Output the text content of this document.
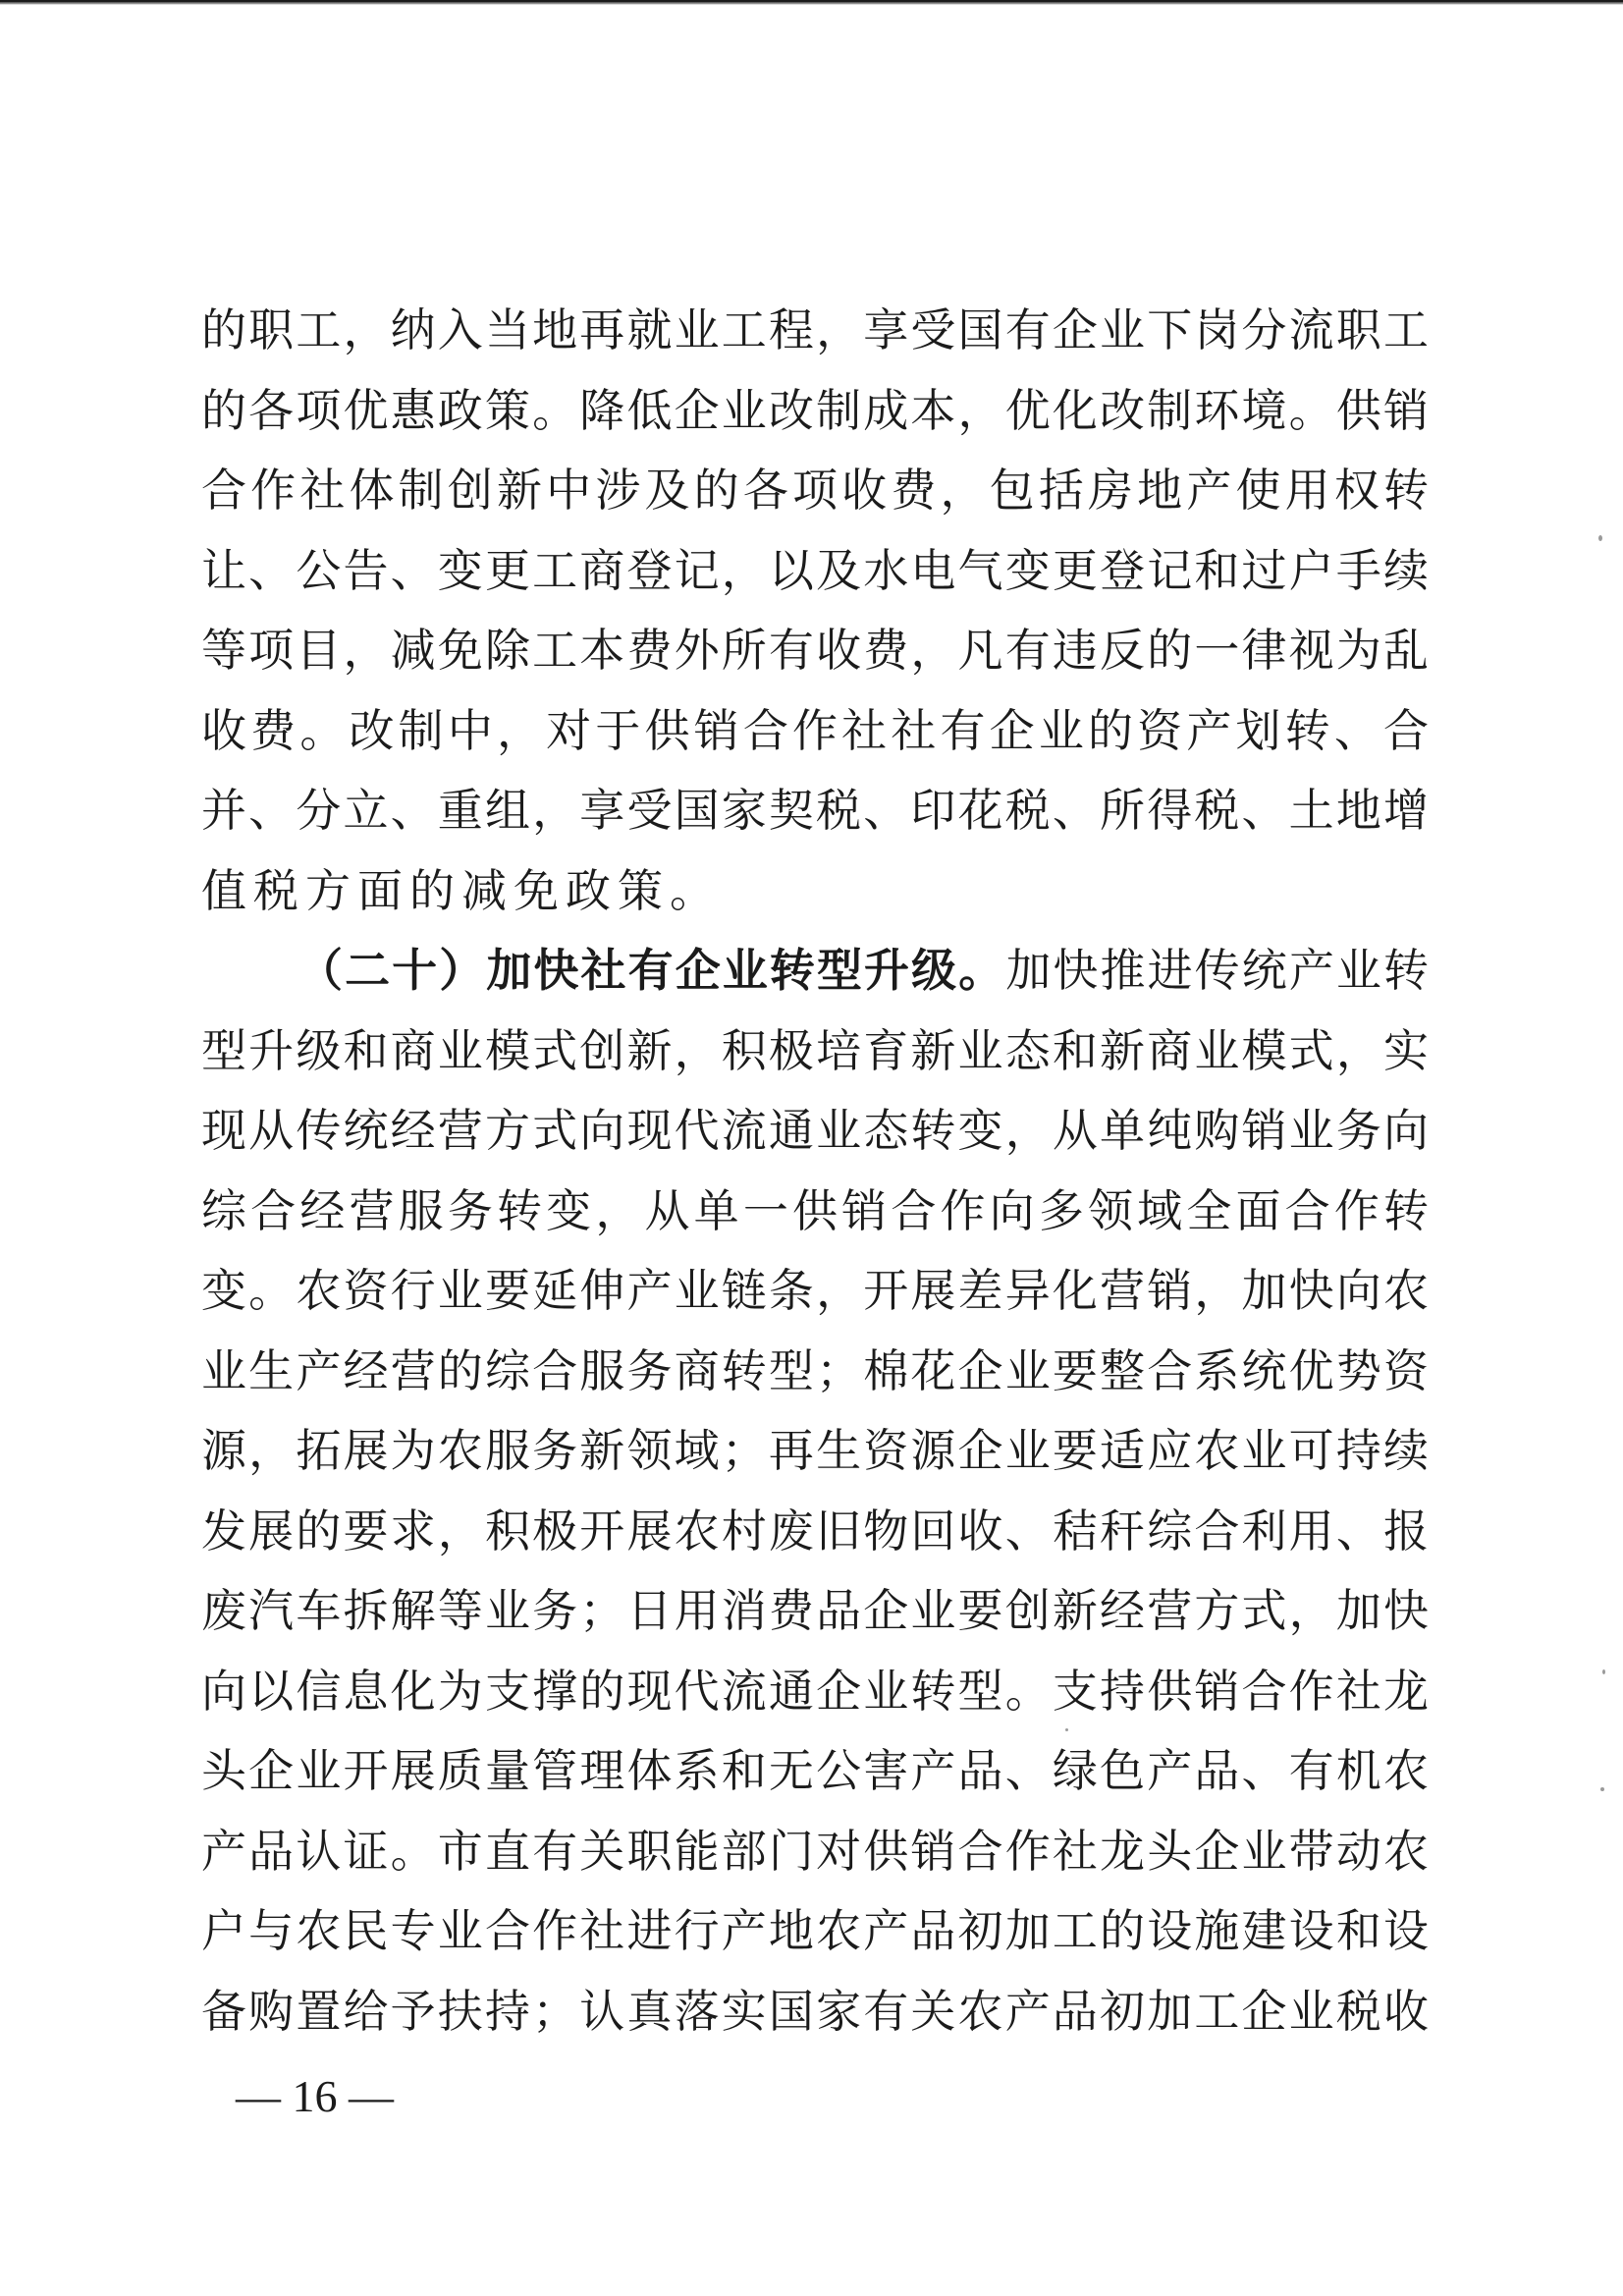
的职工，纳入当地再就业工程，享受国有企业下岗分流职工
的各项优惠政策。降低企业改制成本，优化改制环境。供销
合作社体制创新中涉及的各项收费，包括房地产使用权转
让、公告、变更工商登记，以及水电气变更登记和过户手续
等项目，减免除工本费外所有收费，凡有违反的一律视为乱
收费。改制中，对于供销合作社社有企业的资产划转、合
并、分立、重组，享受国家契税、印花税、所得税、土地增
值税方面的减免政策。
（二十）加快社有企业转型升级。加快推进传统产业转
型升级和商业模式创新，积极培育新业态和新商业模式，实
现从传统经营方式向现代流通业态转变，从单纯购销业务向
综合经营服务转变，从单一供销合作向多领域全面合作转
变。农资行业要延伸产业链条，开展差异化营销，加快向农
业生产经营的综合服务商转型；棉花企业要整合系统优势资
源，拓展为农服务新领域；再生资源企业要适应农业可持续
发展的要求，积极开展农村废旧物回收、秸秆综合利用、报
废汽车拆解等业务；日用消费品企业要创新经营方式，加快
向以信息化为支撑的现代流通企业转型。支持供销合作社龙
头企业开展质量管理体系和无公害产品、绿色产品、有机农
产品认证。市直有关职能部门对供销合作社龙头企业带动农
户与农民专业合作社进行产地农产品初加工的设施建设和设
备购置给予扶持；认真落实国家有关农产品初加工企业税收
— 16 —
